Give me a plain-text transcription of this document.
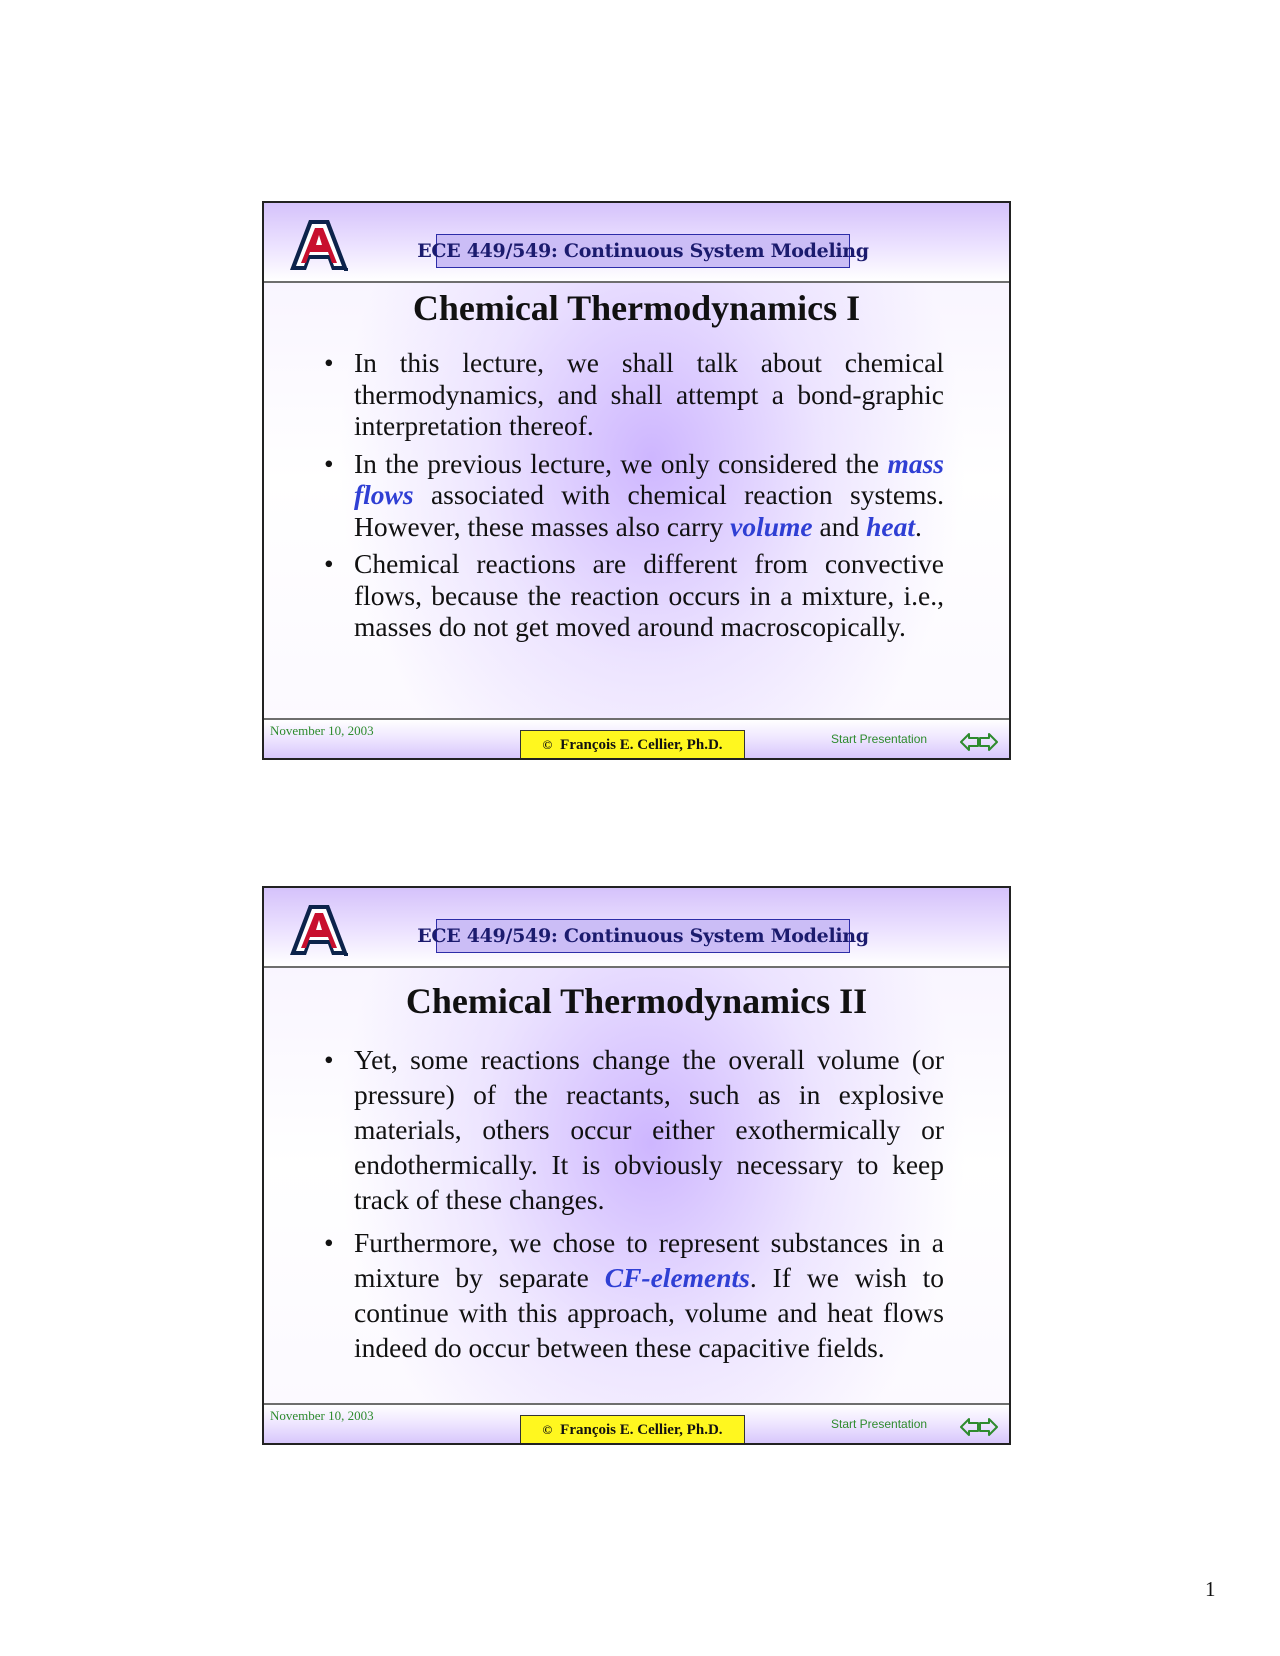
ECE 449/549: Continuous System Modeling
Chemical Thermodynamics I
• In this lecture, we shall talk about chemical thermodynamics, and shall attempt a bond-graphic interpretation thereof.
• In the previous lecture, we only considered the mass flows associated with chemical reaction systems. However, these masses also carry volume and heat.
• Chemical reactions are different from convective flows, because the reaction occurs in a mixture, i.e., masses do not get moved around macroscopically.
November 10, 2003
© François E. Cellier, Ph.D.	Start Presentation
ECE 449/549: Continuous System Modeling
Chemical Thermodynamics II
• Yet, some reactions change the overall volume (or pressure) of the reactants, such as in explosive materials, others occur either exothermically or endothermically. It is obviously necessary to keep track of these changes.
• Furthermore, we chose to represent substances in a mixture by separate CF-elements. If we wish to continue with this approach, volume and heat flows indeed do occur between these capacitive fields.
November 10, 2003
© François E. Cellier, Ph.D.	Start Presentation
1
